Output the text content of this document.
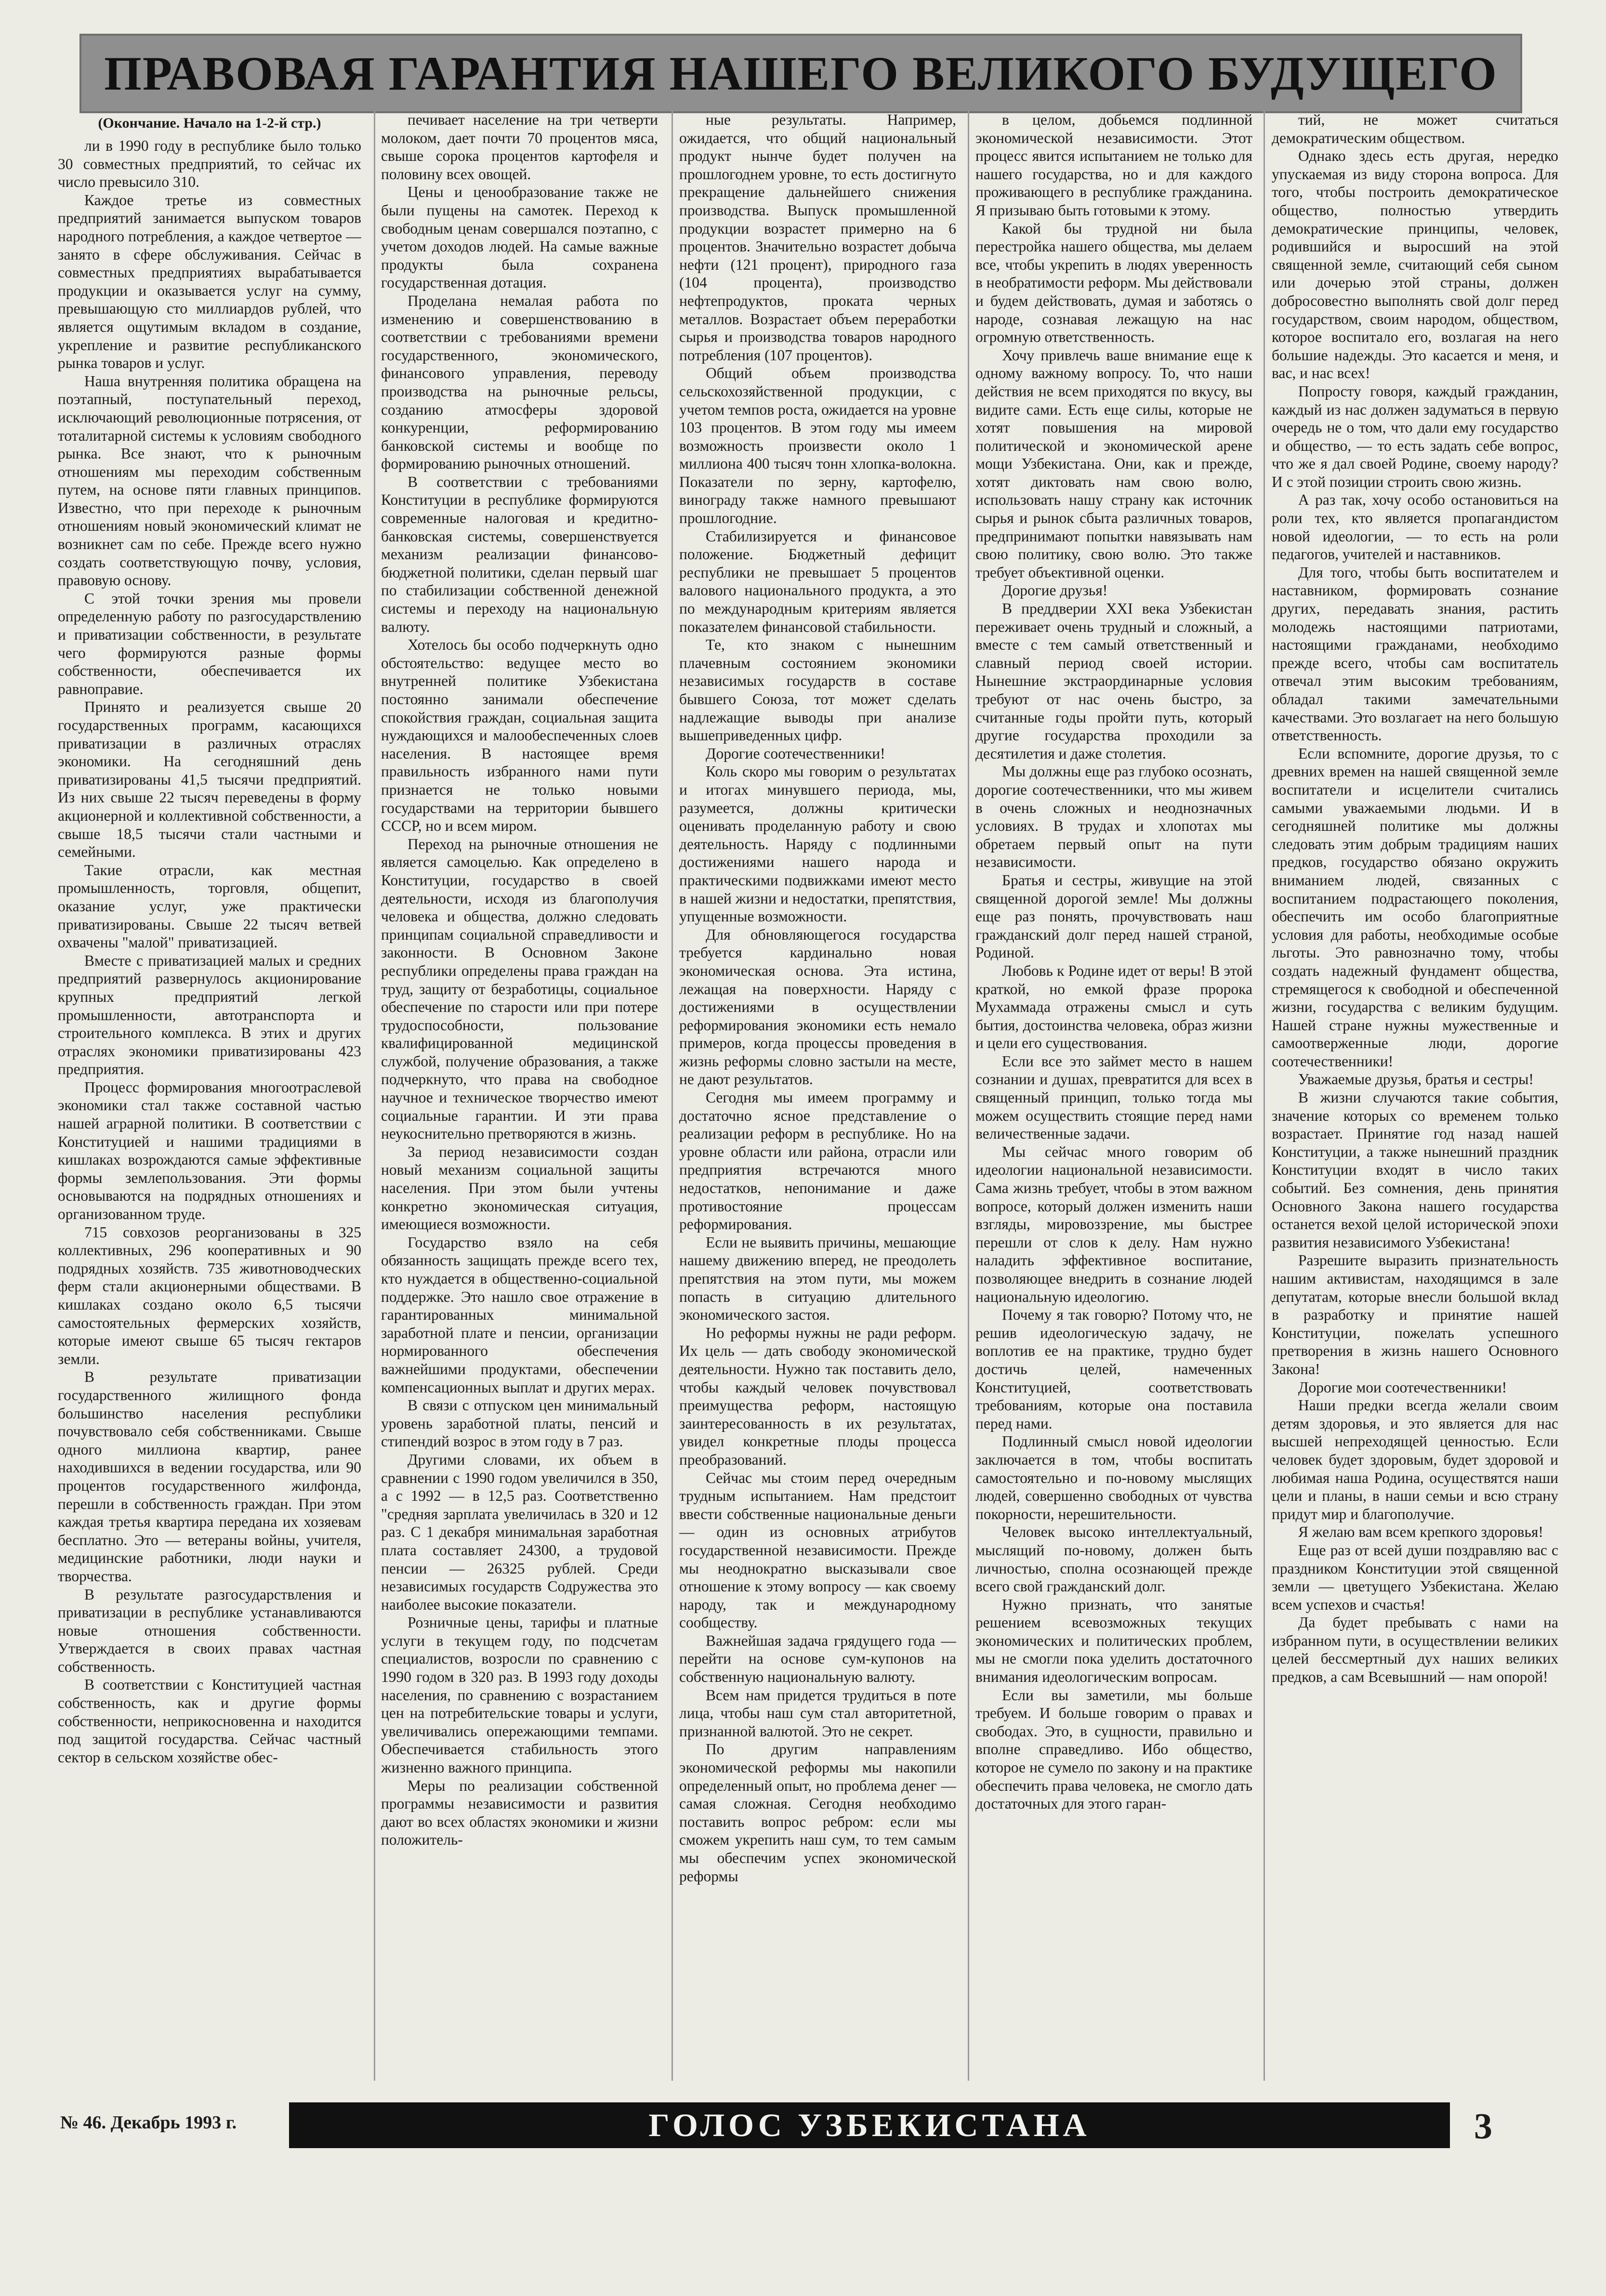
ПРАВОВАЯ ГАРАНТИЯ НАШЕГО ВЕЛИКОГО БУДУЩЕГО
(Окончание. Начало на 1-2-й стр.)

ли в 1990 году в республике было только 30 совместных предприятий, то сейчас их число превысило 310.

Каждое третье из совместных предприятий занимается выпуском товаров народного потребления, а каждое четвертое — занято в сфере обслуживания. Сейчас в совместных предприятиях вырабатывается продукции и оказывается услуг на сумму, превышающую сто миллиардов рублей, что является ощутимым вкладом в создание, укрепление и развитие республиканского рынка товаров и услуг.

Наша внутренняя политика обращена на поэтапный, поступательный переход, исключающий революционные потрясения, от тоталитарной системы к условиям свободного рынка. Все знают, что к рыночным отношениям мы переходим собственным путем, на основе пяти главных принципов. Известно, что при переходе к рыночным отношениям новый экономический климат не возникнет сам по себе. Прежде всего нужно создать соответствующую почву, условия, правовую основу.

С этой точки зрения мы провели определенную работу по разгосударствлению и приватизации собственности, в результате чего формируются разные формы собственности, обеспечивается их равноправие.

Принято и реализуется свыше 20 государственных программ, касающихся приватизации в различных отраслях экономики. На сегодняшний день приватизированы 41,5 тысячи предприятий. Из них свыше 22 тысяч переведены в форму акционерной и коллективной собственности, а свыше 18,5 тысячи стали частными и семейными.

Такие отрасли, как местная промышленность, торговля, общепит, оказание услуг, уже практически приватизированы. Свыше 22 тысяч ветвей охвачены "малой" приватизацией.

Вместе с приватизацией малых и средних предприятий развернулось акционирование крупных предприятий легкой промышленности, автотранспорта и строительного комплекса. В этих и других отраслях экономики приватизированы 423 предприятия.

Процесс формирования многоотраслевой экономики стал также составной частью нашей аграрной политики. В соответствии с Конституцией и нашими традициями в кишлаках возрождаются самые эффективные формы землепользования. Эти формы основываются на подрядных отношениях и организованном труде.

715 совхозов реорганизованы в 325 коллективных, 296 кооперативных и 90 подрядных хозяйств. 735 животноводческих ферм стали акционерными обществами. В кишлаках создано около 6,5 тысячи самостоятельных фермерских хозяйств, которые имеют свыше 65 тысяч гектаров земли.

В результате приватизации государственного жилищного фонда большинство населения республики почувствовало себя собственниками. Свыше одного миллиона квартир, ранее находившихся в ведении государства, или 90 процентов государственного жилфонда, перешли в собственность граждан. При этом каждая третья квартира передана их хозяевам бесплатно. Это — ветераны войны, учителя, медицинские работники, люди науки и творчества.

В результате разгосударствления и приватизации в республике устанавливаются новые отношения собственности. Утверждается в своих правах частная собственность.

В соответствии с Конституцией частная собственность, как и другие формы собственности, неприкосновенна и находится под защитой государства. Сейчас частный сектор в сельском хозяйстве обес-

печивает население на три четверти молоком, дает почти 70 процентов мяса, свыше сорока процентов картофеля и половину всех овощей.

Цены и ценообразование также не были пущены на самотек. Переход к свободным ценам совершался поэтапно, с учетом доходов людей. На самые важные продукты была сохранена государственная дотация.

Проделана немалая работа по изменению и совершенствованию в соответствии с требованиями времени государственного, экономического, финансового управления, переводу производства на рыночные рельсы, созданию атмосферы здоровой конкуренции, реформированию банковской системы и вообще по формированию рыночных отношений.

В соответствии с требованиями Конституции в республике формируются современные налоговая и кредитно-банковская системы, совершенствуется механизм реализации финансово-бюджетной политики, сделан первый шаг по стабилизации собственной денежной системы и переходу на национальную валюту.

Хотелось бы особо подчеркнуть одно обстоятельство: ведущее место во внутренней политике Узбекистана постоянно занимали обеспечение спокойствия граждан, социальная защита нуждающихся и малообеспеченных слоев населения. В настоящее время правильность избранного нами пути признается не только новыми государствами на территории бывшего СССР, но и всем миром.

Переход на рыночные отношения не является самоцелью. Как определено в Конституции, государство в своей деятельности, исходя из благополучия человека и общества, должно следовать принципам социальной справедливости и законности. В Основном Законе республики определены права граждан на труд, защиту от безработицы, социальное обеспечение по старости или при потере трудоспособности, пользование квалифицированной медицинской службой, получение образования, а также подчеркнуто, что права на свободное научное и техническое творчество имеют социальные гарантии. И эти права неукоснительно претворяются в жизнь.

За период независимости создан новый механизм социальной защиты населения. При этом были учтены конкретно экономическая ситуация, имеющиеся возможности.

Государство взяло на себя обязанность защищать прежде всего тех, кто нуждается в общественно-социальной поддержке. Это нашло свое отражение в гарантированных минимальной заработной плате и пенсии, организации нормированного обеспечения важнейшими продуктами, обеспечении компенсационных выплат и других мерах.

В связи с отпуском цен минимальный уровень заработной платы, пенсий и стипендий возрос в этом году в 7 раз.

Другими словами, их объем в сравнении с 1990 годом увеличился в 350, а с 1992 — в 12,5 раз. Соответственно "средняя зарплата увеличилась в 320 и 12 раз. С 1 декабря минимальная заработная плата составляет 24300, а трудовой пенсии — 26325 рублей. Среди независимых государств Содружества это наиболее высокие показатели.

Розничные цены, тарифы и платные услуги в текущем году, по подсчетам специалистов, возросли по сравнению с 1990 годом в 320 раз. В 1993 году доходы населения, по сравнению с возрастанием цен на потребительские товары и услуги, увеличивались опережающими темпами. Обеспечивается стабильность этого жизненно важного принципа.

Меры по реализации собственной программы независимости и развития дают во всех областях экономики и жизни положитель-

ные результаты. Например, ожидается, что общий национальный продукт нынче будет получен на прошлогоднем уровне, то есть достигнуто прекращение дальнейшего снижения производства. Выпуск промышленной продукции возрастет примерно на 6 процентов. Значительно возрастет добыча нефти (121 процент), природного газа (104 процента), производство нефтепродуктов, проката черных металлов. Возрастает объем переработки сырья и производства товаров народного потребления (107 процентов).

Общий объем производства сельскохозяйственной продукции, с учетом темпов роста, ожидается на уровне 103 процентов. В этом году мы имеем возможность произвести около 1 миллиона 400 тысяч тонн хлопка-волокна. Показатели по зерну, картофелю, винограду также намного превышают прошлогодние.

Стабилизируется и финансовое положение. Бюджетный дефицит республики не превышает 5 процентов валового национального продукта, а это по международным критериям является показателем финансовой стабильности.

Те, кто знаком с нынешним плачевным состоянием экономики независимых государств в составе бывшего Союза, тот может сделать надлежащие выводы при анализе вышеприведенных цифр.

Дорогие соотечественники!

Коль скоро мы говорим о результатах и итогах минувшего периода, мы, разумеется, должны критически оценивать проделанную работу и свою деятельность. Наряду с подлинными достижениями нашего народа и практическими подвижками имеют место в нашей жизни и недостатки, препятствия, упущенные возможности.

Для обновляющегося государства требуется кардинально новая экономическая основа. Эта истина, лежащая на поверхности. Наряду с достижениями в осуществлении реформирования экономики есть немало примеров, когда процессы проведения в жизнь реформы словно застыли на месте, не дают результатов.

Сегодня мы имеем программу и достаточно ясное представление о реализации реформ в республике. Но на уровне области или района, отрасли или предприятия встречаются много недостатков, непонимание и даже противостояние процессам реформирования.

Если не выявить причины, мешающие нашему движению вперед, не преодолеть препятствия на этом пути, мы можем попасть в ситуацию длительного экономического застоя.

Но реформы нужны не ради реформ. Их цель — дать свободу экономической деятельности. Нужно так поставить дело, чтобы каждый человек почувствовал преимущества реформ, настоящую заинтересованность в их результатах, увидел конкретные плоды процесса преобразований.

Сейчас мы стоим перед очередным трудным испытанием. Нам предстоит ввести собственные национальные деньги — один из основных атрибутов государственной независимости. Прежде мы неоднократно высказывали свое отношение к этому вопросу — как своему народу, так и международному сообществу.

Важнейшая задача грядущего года — перейти на основе сум-купонов на собственную национальную валюту.

Всем нам придется трудиться в поте лица, чтобы наш сум стал авторитетной, признанной валютой. Это не секрет.

По другим направлениям экономической реформы мы накопили определенный опыт, но проблема денег — самая сложная. Сегодня необходимо поставить вопрос ребром: если мы сможем укрепить наш сум, то тем самым мы обеспечим успех экономической реформы

в целом, добьемся подлинной экономической независимости. Этот процесс явится испытанием не только для нашего государства, но и для каждого проживающего в республике гражданина. Я призываю быть готовыми к этому.

Какой бы трудной ни была перестройка нашего общества, мы делаем все, чтобы укрепить в людях уверенность в необратимости реформ. Мы действовали и будем действовать, думая и заботясь о народе, сознавая лежащую на нас огромную ответственность.

Хочу привлечь ваше внимание еще к одному важному вопросу. То, что наши действия не всем приходятся по вкусу, вы видите сами. Есть еще силы, которые не хотят повышения на мировой политической и экономической арене мощи Узбекистана. Они, как и прежде, хотят диктовать нам свою волю, использовать нашу страну как источник сырья и рынок сбыта различных товаров, предпринимают попытки навязывать нам свою политику, свою волю. Это также требует объективной оценки.

Дорогие друзья!

В преддверии XXI века Узбекистан переживает очень трудный и сложный, а вместе с тем самый ответственный и славный период своей истории. Нынешние экстраординарные условия требуют от нас очень быстро, за считанные годы пройти путь, который другие государства проходили за десятилетия и даже столетия.

Мы должны еще раз глубоко осознать, дорогие соотечественники, что мы живем в очень сложных и неоднозначных условиях. В трудах и хлопотах мы обретаем первый опыт на пути независимости.

Братья и сестры, живущие на этой священной дорогой земле! Мы должны еще раз понять, прочувствовать наш гражданский долг перед нашей страной, Родиной.

Любовь к Родине идет от веры! В этой краткой, но емкой фразе пророка Мухаммада отражены смысл и суть бытия, достоинства человека, образ жизни и цели его существования.

Если все это займет место в нашем сознании и душах, превратится для всех в священный принцип, только тогда мы можем осуществить стоящие перед нами величественные задачи.

Мы сейчас много говорим об идеологии национальной независимости. Сама жизнь требует, чтобы в этом важном вопросе, который должен изменить наши взгляды, мировоззрение, мы быстрее перешли от слов к делу. Нам нужно наладить эффективное воспитание, позволяющее внедрить в сознание людей национальную идеологию.

Почему я так говорю? Потому что, не решив идеологическую задачу, не воплотив ее на практике, трудно будет достичь целей, намеченных Конституцией, соответствовать требованиям, которые она поставила перед нами.

Подлинный смысл новой идеологии заключается в том, чтобы воспитать самостоятельно и по-новому мыслящих людей, совершенно свободных от чувства покорности, нерешительности.

Человек высоко интеллектуальный, мыслящий по-новому, должен быть личностью, сполна осознающей прежде всего свой гражданский долг.

Нужно признать, что занятые решением всевозможных текущих экономических и политических проблем, мы не смогли пока уделить достаточного внимания идеологическим вопросам.

Если вы заметили, мы больше требуем. И больше говорим о правах и свободах. Это, в сущности, правильно и вполне справедливо. Ибо общество, которое не сумело по закону и на практике обеспечить права человека, не смогло дать достаточных для этого гаран-

тий, не может считаться демократическим обществом.

Однако здесь есть другая, нередко упускаемая из виду сторона вопроса. Для того, чтобы построить демократическое общество, полностью утвердить демократические принципы, человек, родившийся и выросший на этой священной земле, считающий себя сыном или дочерью этой страны, должен добросовестно выполнять свой долг перед государством, своим народом, обществом, которое воспитало его, возлагая на него большие надежды. Это касается и меня, и вас, и нас всех!

Попросту говоря, каждый гражданин, каждый из нас должен задуматься в первую очередь не о том, что дали ему государство и общество, — то есть задать себе вопрос, что же я дал своей Родине, своему народу? И с этой позиции строить свою жизнь.

А раз так, хочу особо остановиться на роли тех, кто является пропагандистом новой идеологии, — то есть на роли педагогов, учителей и наставников.

Для того, чтобы быть воспитателем и наставником, формировать сознание других, передавать знания, растить молодежь настоящими патриотами, настоящими гражданами, необходимо прежде всего, чтобы сам воспитатель отвечал этим высоким требованиям, обладал такими замечательными качествами. Это возлагает на него большую ответственность.

Если вспомните, дорогие друзья, то с древних времен на нашей священной земле воспитатели и исцелители считались самыми уважаемыми людьми. И в сегодняшней политике мы должны следовать этим добрым традициям наших предков, государство обязано окружить вниманием людей, связанных с воспитанием подрастающего поколения, обеспечить им особо благоприятные условия для работы, необходимые особые льготы. Это равнозначно тому, чтобы создать надежный фундамент общества, стремящегося к свободной и обеспеченной жизни, государства с великим будущим. Нашей стране нужны мужественные и самоотверженные люди, дорогие соотечественники!

Уважаемые друзья, братья и сестры!

В жизни случаются такие события, значение которых со временем только возрастает. Принятие год назад нашей Конституции, а также нынешний праздник Конституции входят в число таких событий. Без сомнения, день принятия Основного Закона нашего государства останется вехой целой исторической эпохи развития независимого Узбекистана!

Разрешите выразить признательность нашим активистам, находящимся в зале депутатам, которые внесли большой вклад в разработку и принятие нашей Конституции, пожелать успешного претворения в жизнь нашего Основного Закона!

Дорогие мои соотечественники!

Наши предки всегда желали своим детям здоровья, и это является для нас высшей непреходящей ценностью. Если человек будет здоровым, будет здоровой и любимая наша Родина, осуществятся наши цели и планы, в наши семьи и всю страну придут мир и благополучие.

Я желаю вам всем крепкого здоровья!

Еще раз от всей души поздравляю вас с праздником Конституции этой священной земли — цветущего Узбекистана. Желаю всем успехов и счастья!

Да будет пребывать с нами на избранном пути, в осуществлении великих целей бессмертный дух наших великих предков, а сам Всевышний — нам опорой!

№ 46. Декабрь 1993 г.	ГОЛОС УЗБЕКИСТАНА	3
